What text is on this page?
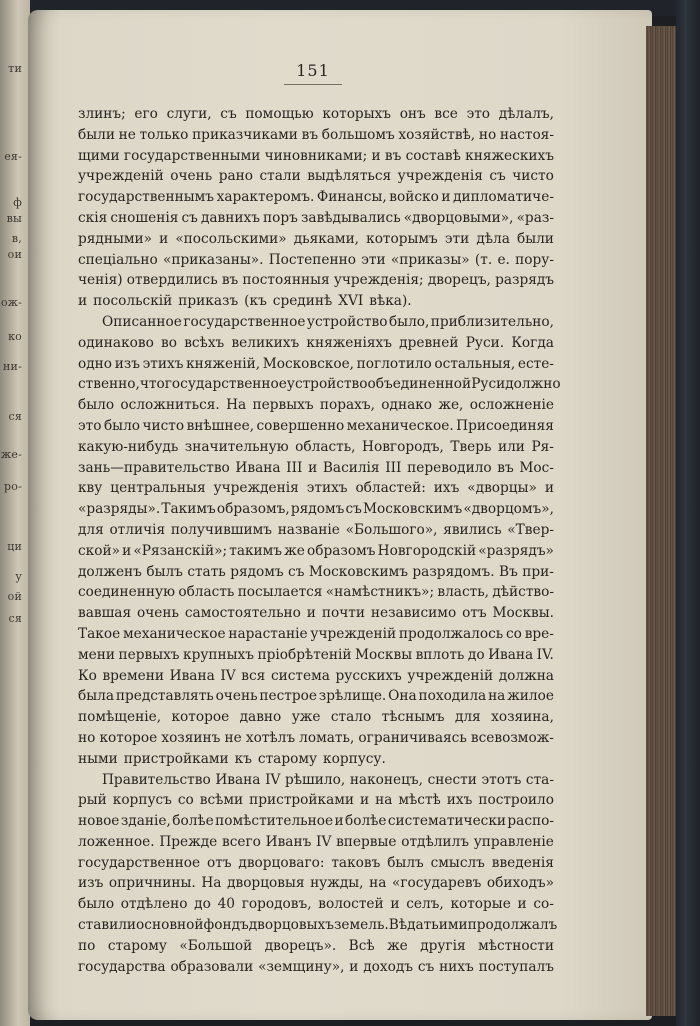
ти
ея-
ф
вы
в,
ои
ож-
ко
ни-
ся
же-
ро-
ци
у
ой
ся
151
злинъ; его слуги, съ помощью которыхъ онъ все это дѣлалъ,
были не только приказчиками въ большомъ хозяйствѣ, но настоя-
щими государственными чиновниками; и въ составѣ княжескихъ
учрежденій очень рано стали выдѣляться учрежденія съ чисто
государственнымъ характеромъ. Финансы, войско и дипломатиче-
скія сношенія съ давнихъ поръ завѣдывались «дворцовыми», «раз-
рядными» и «посольскими» дьяками, которымъ эти дѣла были
спеціально «приказаны». Постепенно эти «приказы» (т. е. пору-
ченія) отвердились въ постоянныя учрежденія; дворецъ, разрядъ
и посольскій приказъ (къ срединѣ XVI вѣка).
Описанное государственное устройство было, приблизительно,
одинаково во всѣхъ великихъ княженіяхъ древней Руси. Когда
одно изъ этихъ княженій, Московское, поглотило остальныя, есте-
ственно, что государственное устройство объединенной Руси должно
было осложниться. На первыхъ порахъ, однако же, осложненіе
это было чисто внѣшнее, совершенно механическое. Присоединяя
какую-нибудь значительную область, Новгородъ, Тверь или Ря-
зань—правительство Ивана III и Василія III переводило въ Мос-
кву центральныя учрежденія этихъ областей: ихъ «дворцы» и
«разряды». Такимъ образомъ, рядомъ съ Московскимъ «дворцомъ»,
для отличія получившимъ названіе «Большого», явились «Твер-
ской» и «Рязанскій»; такимъ же образомъ Новгородскій «разрядъ»
долженъ былъ стать рядомъ съ Московскимъ разрядомъ. Въ при-
соединенную область посылается «намѣстникъ»; власть, дѣйство-
вавшая очень самостоятельно и почти независимо отъ Москвы.
Такое механическое нарастаніе учрежденій продолжалось со вре-
мени первыхъ крупныхъ пріобрѣтеній Москвы вплоть до Ивана IV.
Ко времени Ивана IV вся система русскихъ учрежденій должна
была представлять очень пестрое зрѣлище. Она походила на жилое
помѣщеніе, которое давно уже стало тѣснымъ для хозяина,
но которое хозяинъ не хотѣлъ ломать, ограничиваясь всевозмож-
ными пристройками къ старому корпусу.
Правительство Ивана IV рѣшило, наконецъ, снести этотъ ста-
рый корпусъ со всѣми пристройками и на мѣстѣ ихъ построило
новое зданіе, болѣе помѣстительное и болѣе систематически распо-
ложенное. Прежде всего Иванъ IV впервые отдѣлилъ управленіе
государственное отъ дворцоваго: таковъ былъ смыслъ введенія
изъ опричнины. На дворцовыя нужды, на «государевъ обиходъ»
было отдѣлено до 40 городовъ, волостей и селъ, которые и со-
ставили основной фондъ дворцовыхъ земель. Вѣдать ими продолжалъ
по старому «Большой дворецъ». Всѣ же другія мѣстности
государства образовали «земщину», и доходъ съ нихъ поступалъ
